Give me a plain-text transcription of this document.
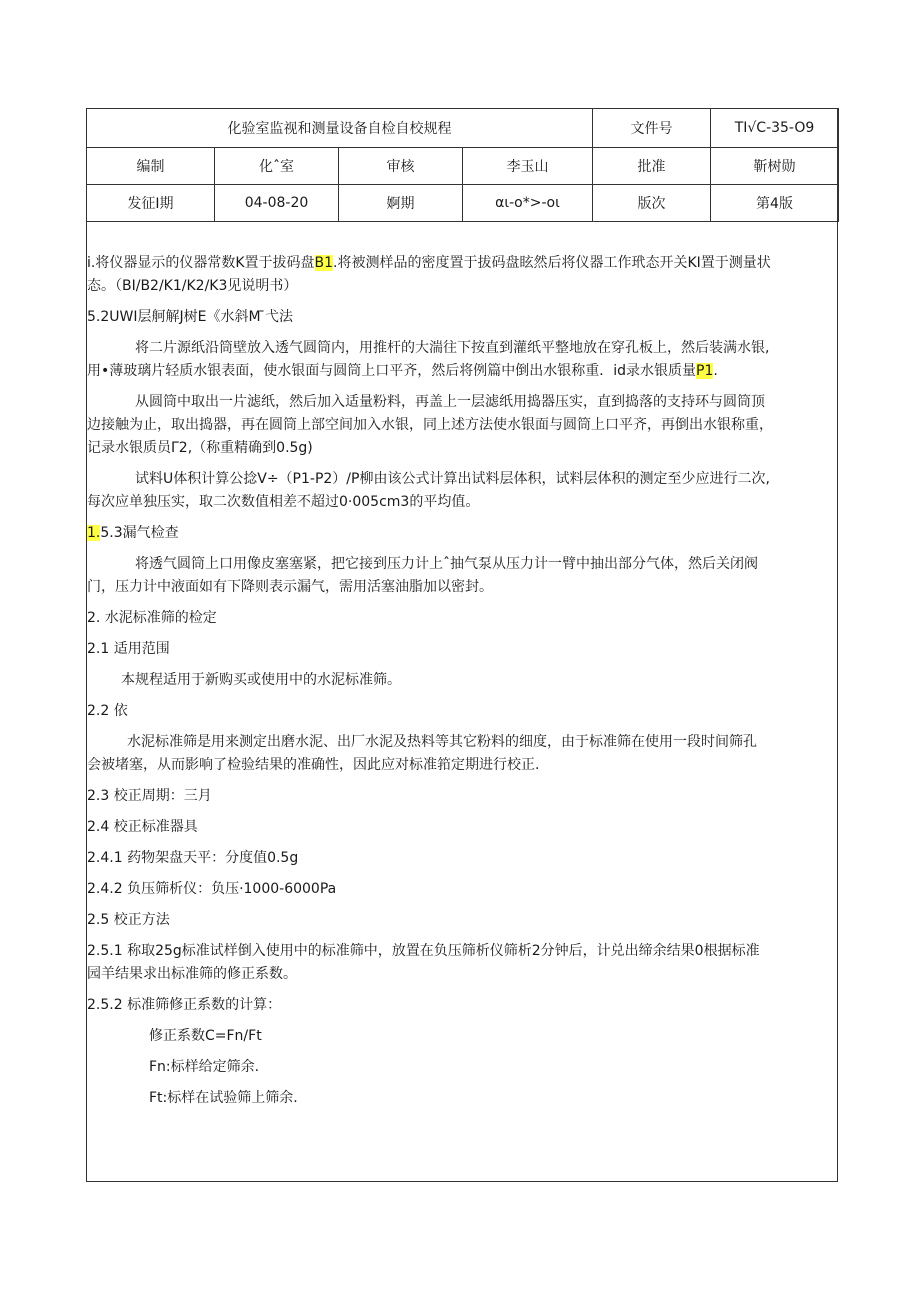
化验室监视和测量设备自检自校规程				文件号	TI√C-35-O9
编制	化ˆ室	审核	李玉山	批准	靳树勋
发征I期	04-08-20	婀期	αι-ο*>-οι	版次	第4版
i.将仪器显示的仪器常数K置于拔码盘B1.将被测样品的密度置于拔码盘眩然后将仪器工作玳态开关KI置于测量状
态。（BI/B2/K1/K2/K3见说明书）
5.2UWI层舸解J树E《水斜M ̄弋法
将二片源纸沿筒壁放入透气圆筒内，用推杆的大湍往下按直到灌纸平整地放在穿孔板上，然后装满水银,
用•薄玻璃片轻质水银表面，使水银面与圆筒上口平齐，然后将例篇中倒出水银称重．id录水银质量P1.
从圆筒中取出一片滤纸，然后加入适量粉料，再盖上一层滤纸用捣器压实，直到捣落的支持环与圆筒顶
边接触为止，取出捣器，再在圆筒上部空间加入水银，同上述方法使水银面与圆筒上口平齐，再倒出水银称重，
记录水银质员Γ2,（称重精确到0.5g)
试料U体积计算公捻V÷（P1-P2）/P柳由该公式计算出试料层体积，试料层体积的测定至少应进行二次,
每次应单独压实，取二次数值相差不超过0·005cm3的平均值。
1.5.3漏气检查
将透气圆筒上口用像皮塞塞紧，把它接到压力计上ˆ抽气泵从压力计一臂中抽出部分气体，然后关闭阀
门，压力计中液面如有下降则表示漏气，需用活塞油脂加以密封。
2. 水泥标准筛的检定
2.1 适用范围
本规程适用于新购买或使用中的水泥标准筛。
2.2 依
水泥标准筛是用来测定出磨水泥、出厂水泥及热料等其它粉料的细度，由于标准筛在使用一段时间筛孔
会被堵塞，从而影响了检验结果的准确性，因此应对标准筘定期进行校正.
2.3 校正周期：三月
2.4 校正标准器具
2.4.1 药物架盘天平：分度值0.5g
2.4.2 负压筛析仪：负压·1000-6000Pa
2.5 校正方法
2.5.1 称取25g标准试样倒入使用中的标准筛中，放置在负压筛析仪筛析2分钟后，计兑出缔余结果0根据标准
园羊结果求出标准筛的修正系数。
2.5.2 标准筛修正系数的计算：
修正系数C=Fn/Ft
Fn:标样给定筛余.
Ft:标样在试验筛上筛余.
